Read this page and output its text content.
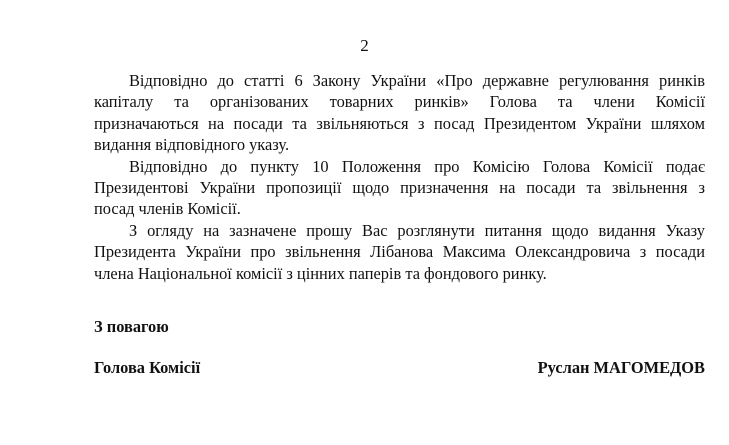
2
Відповідно до статті 6 Закону України «Про державне регулювання ринків
капіталу та організованих товарних ринків» Голова та члени Комісії
призначаються на посади та звільняються з посад Президентом України шляхом
видання відповідного указу.
Відповідно до пункту 10 Положення про Комісію Голова Комісії подає
Президентові України пропозиції щодо призначення на посади та звільнення з
посад членів Комісії.
З огляду на зазначене прошу Вас розглянути питання щодо видання Указу
Президента України про звільнення Лібанова Максима Олександровича з посади
члена Національної комісії з цінних паперів та фондового ринку.
З повагою
Голова Комісії	Руслан МАГОМЕДОВ
